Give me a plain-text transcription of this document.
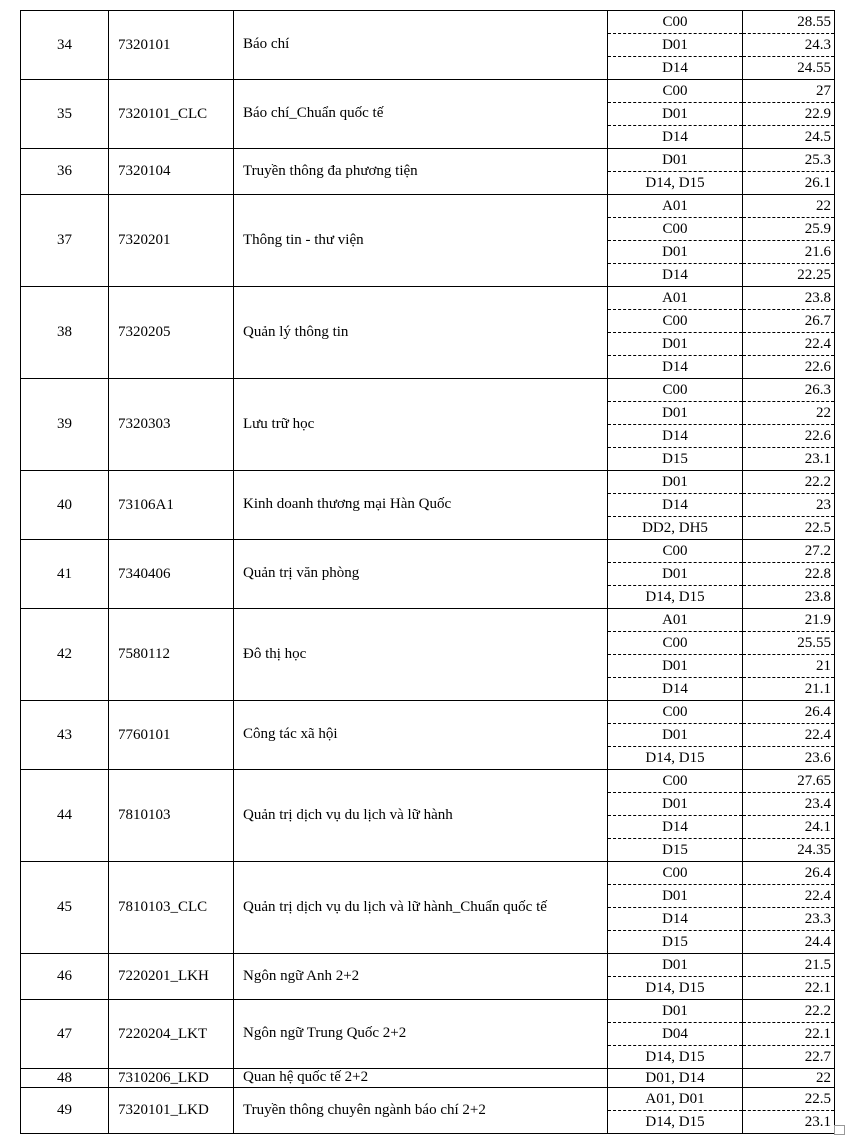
34	7320101	Báo chí	C00	28.55
			D01	24.3
			D14	24.55
35	7320101_CLC	Báo chí_Chuẩn quốc tế	C00	27
			D01	22.9
			D14	24.5
36	7320104	Truyền thông đa phương tiện	D01	25.3
			D14, D15	26.1
37	7320201	Thông tin - thư viện	A01	22
			C00	25.9
			D01	21.6
			D14	22.25
38	7320205	Quản lý thông tin	A01	23.8
			C00	26.7
			D01	22.4
			D14	22.6
39	7320303	Lưu trữ học	C00	26.3
			D01	22
			D14	22.6
			D15	23.1
40	73106A1	Kinh doanh thương mại Hàn Quốc	D01	22.2
			D14	23
			DD2, DH5	22.5
41	7340406	Quản trị văn phòng	C00	27.2
			D01	22.8
			D14, D15	23.8
42	7580112	Đô thị học	A01	21.9
			C00	25.55
			D01	21
			D14	21.1
43	7760101	Công tác xã hội	C00	26.4
			D01	22.4
			D14, D15	23.6
44	7810103	Quản trị dịch vụ du lịch và lữ hành	C00	27.65
			D01	23.4
			D14	24.1
			D15	24.35
45	7810103_CLC	Quản trị dịch vụ du lịch và lữ hành_Chuẩn quốc tế	C00	26.4
			D01	22.4
			D14	23.3
			D15	24.4
46	7220201_LKH	Ngôn ngữ Anh 2+2	D01	21.5
			D14, D15	22.1
47	7220204_LKT	Ngôn ngữ Trung Quốc 2+2	D01	22.2
			D04	22.1
			D14, D15	22.7
48	7310206_LKD	Quan hệ quốc tế 2+2	D01, D14	22
49	7320101_LKD	Truyền thông chuyên ngành báo chí 2+2	A01, D01	22.5
			D14, D15	23.1
